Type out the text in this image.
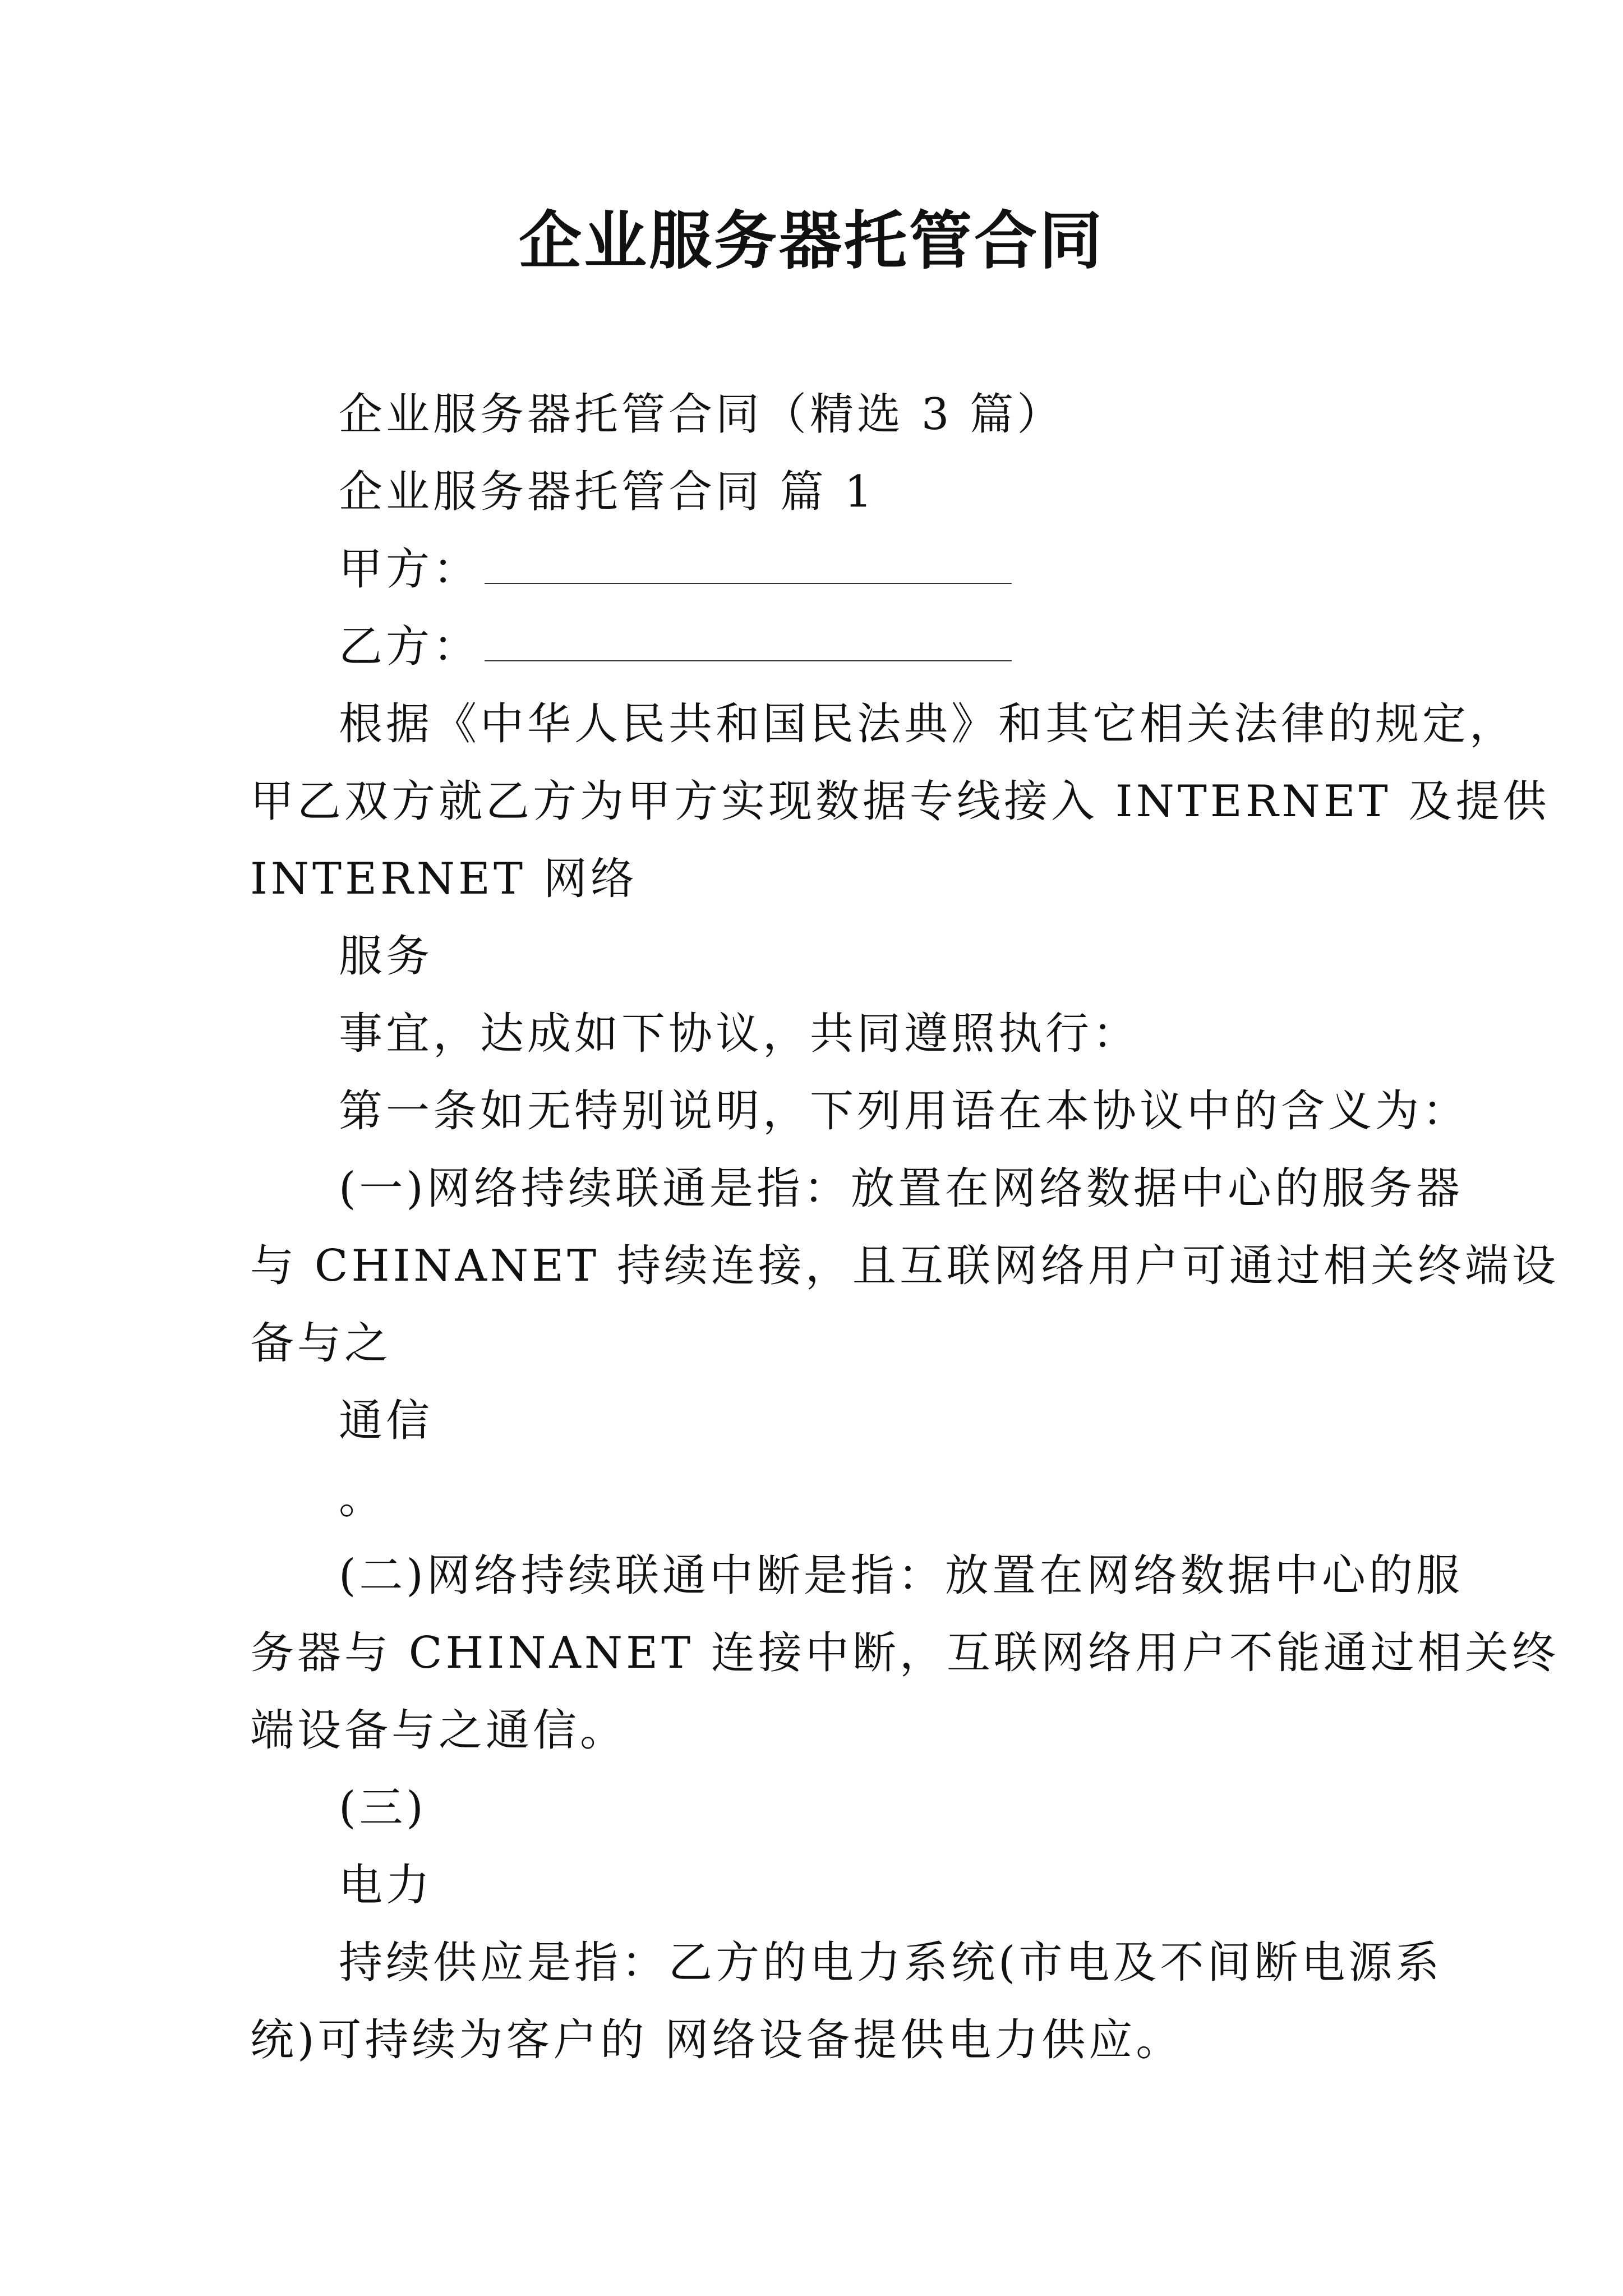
企业服务器托管合同
企业服务器托管合同（精选 3 篇）
企业服务器托管合同 篇 1
甲方：
乙方：
根据《中华人民共和国民法典》和其它相关法律的规定，
甲乙双方就乙方为甲方实现数据专线接入 INTERNET 及提供
INTERNET 网络
服务
事宜，达成如下协议，共同遵照执行：
第一条如无特别说明，下列用语在本协议中的含义为：
(一)网络持续联通是指：放置在网络数据中心的服务器
与 CHINANET 持续连接，且互联网络用户可通过相关终端设
备与之
通信
。
(二)网络持续联通中断是指：放置在网络数据中心的服
务器与 CHINANET 连接中断，互联网络用户不能通过相关终
端设备与之通信。
(三)
电力
持续供应是指：乙方的电力系统(市电及不间断电源系
统)可持续为客户的 网络设备提供电力供应。
